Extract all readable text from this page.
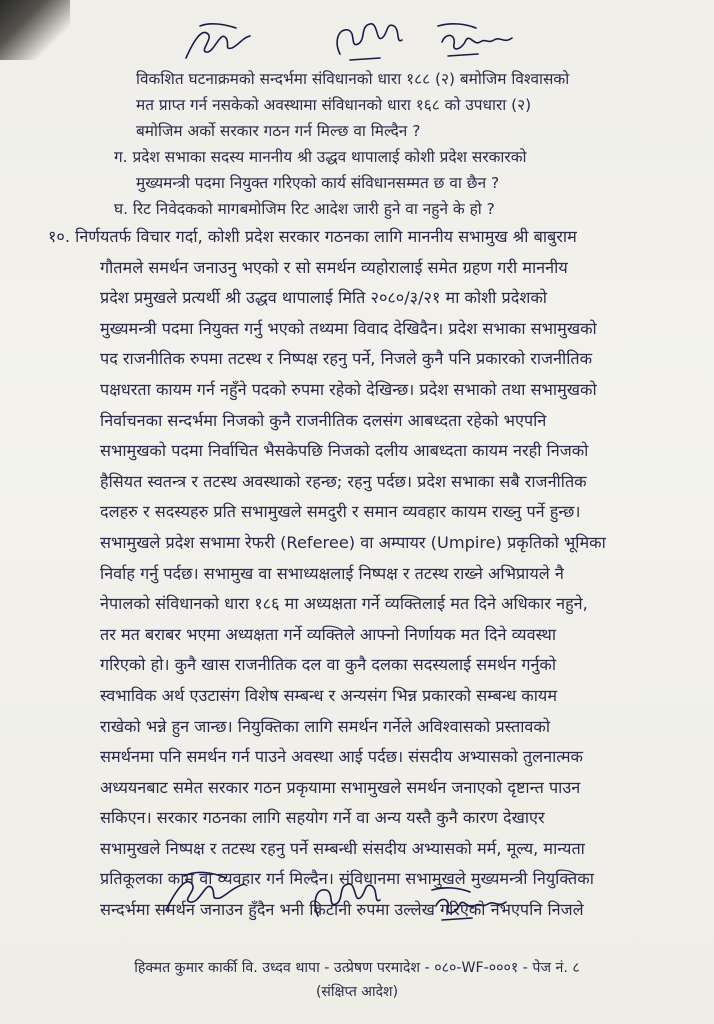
विकशित घटनाक्रमको सन्दर्भमा संविधानको धारा १८८ (२) बमोजिम विश्वासको
मत प्राप्त गर्न नसकेको अवस्थामा संविधानको धारा १६८ को उपधारा (२)
बमोजिम अर्को सरकार गठन गर्न मिल्छ वा मिल्दैन ?
ग. प्रदेश सभाका सदस्य माननीय श्री उद्धव थापालाई कोशी प्रदेश सरकारको
मुख्यमन्त्री पदमा नियुक्त गरिएको कार्य संविधानसम्मत छ वा छैन ?
घ. रिट निवेदकको मागबमोजिम रिट आदेश जारी हुने वा नहुने के हो ?
१०. निर्णयतर्फ विचार गर्दा, कोशी प्रदेश सरकार गठनका लागि माननीय सभामुख श्री बाबुराम
गौतमले समर्थन जनाउनु भएको र सो समर्थन व्यहोरालाई समेत ग्रहण गरी माननीय
प्रदेश प्रमुखले प्रत्यर्थी श्री उद्धव थापालाई मिति २०८०/३/२१ मा कोशी प्रदेशको
मुख्यमन्त्री पदमा नियुक्त गर्नु भएको तथ्यमा विवाद देखिदैन। प्रदेश सभाका सभामुखको
पद राजनीतिक रुपमा तटस्थ र निष्पक्ष रहनु पर्ने, निजले कुनै पनि प्रकारको राजनीतिक
पक्षधरता कायम गर्न नहुँने पदको रुपमा रहेको देखिन्छ। प्रदेश सभाको तथा सभामुखको
निर्वाचनका सन्दर्भमा निजको कुनै राजनीतिक दलसंग आबध्दता रहेको भएपनि
सभामुखको पदमा निर्वाचित भैसकेपछि निजको दलीय आबध्दता कायम नरही निजको
हैसियत स्वतन्त्र र तटस्थ अवस्थाको रहन्छ; रहनु पर्दछ। प्रदेश सभाका सबै राजनीतिक
दलहरु र सदस्यहरु प्रति सभामुखले समदुरी र समान व्यवहार कायम राख्नु पर्ने हुन्छ।
सभामुखले प्रदेश सभामा रेफरी (Referee) वा अम्पायर (Umpire) प्रकृतिको भूमिका
निर्वाह गर्नु पर्दछ। सभामुख वा सभाध्यक्षलाई निष्पक्ष र तटस्थ राख्ने अभिप्रायले नै
नेपालको संविधानको धारा १८६ मा अध्यक्षता गर्ने व्यक्तिलाई मत दिने अधिकार नहुने,
तर मत बराबर भएमा अध्यक्षता गर्ने व्यक्तिले आफ्नो निर्णायक मत दिने व्यवस्था
गरिएको हो। कुनै खास राजनीतिक दल वा कुनै दलका सदस्यलाई समर्थन गर्नुको
स्वभाविक अर्थ एउटासंग विशेष सम्बन्ध र अन्यसंग भिन्न प्रकारको सम्बन्ध कायम
राखेको भन्ने हुन जान्छ। नियुक्तिका लागि समर्थन गर्नेले अविश्वासको प्रस्तावको
समर्थनमा पनि समर्थन गर्न पाउने अवस्था आई पर्दछ। संसदीय अभ्यासको तुलनात्मक
अध्ययनबाट समेत सरकार गठन प्रकृयामा सभामुखले समर्थन जनाएको दृष्टान्त पाउन
सकिएन। सरकार गठनका लागि सहयोग गर्ने वा अन्य यस्तै कुनै कारण देखाएर
सभामुखले निष्पक्ष र तटस्थ रहनु पर्ने सम्बन्धी संसदीय अभ्यासको मर्म, मूल्य, मान्यता
प्रतिकूलका काम वा व्यवहार गर्न मिल्दैन। संविधानमा सभामुखले मुख्यमन्त्री नियुक्तिका
सन्दर्भमा समर्थन जनाउन हुँदैन भनी किटानी रुपमा उल्लेख गरिएको नभएपनि निजले
हिक्मत कुमार कार्की वि. उध्दव थापा - उत्प्रेषण परमादेश - ०८०-WF-०००१ - पेज नं. ८
(संक्षिप्त आदेश)
